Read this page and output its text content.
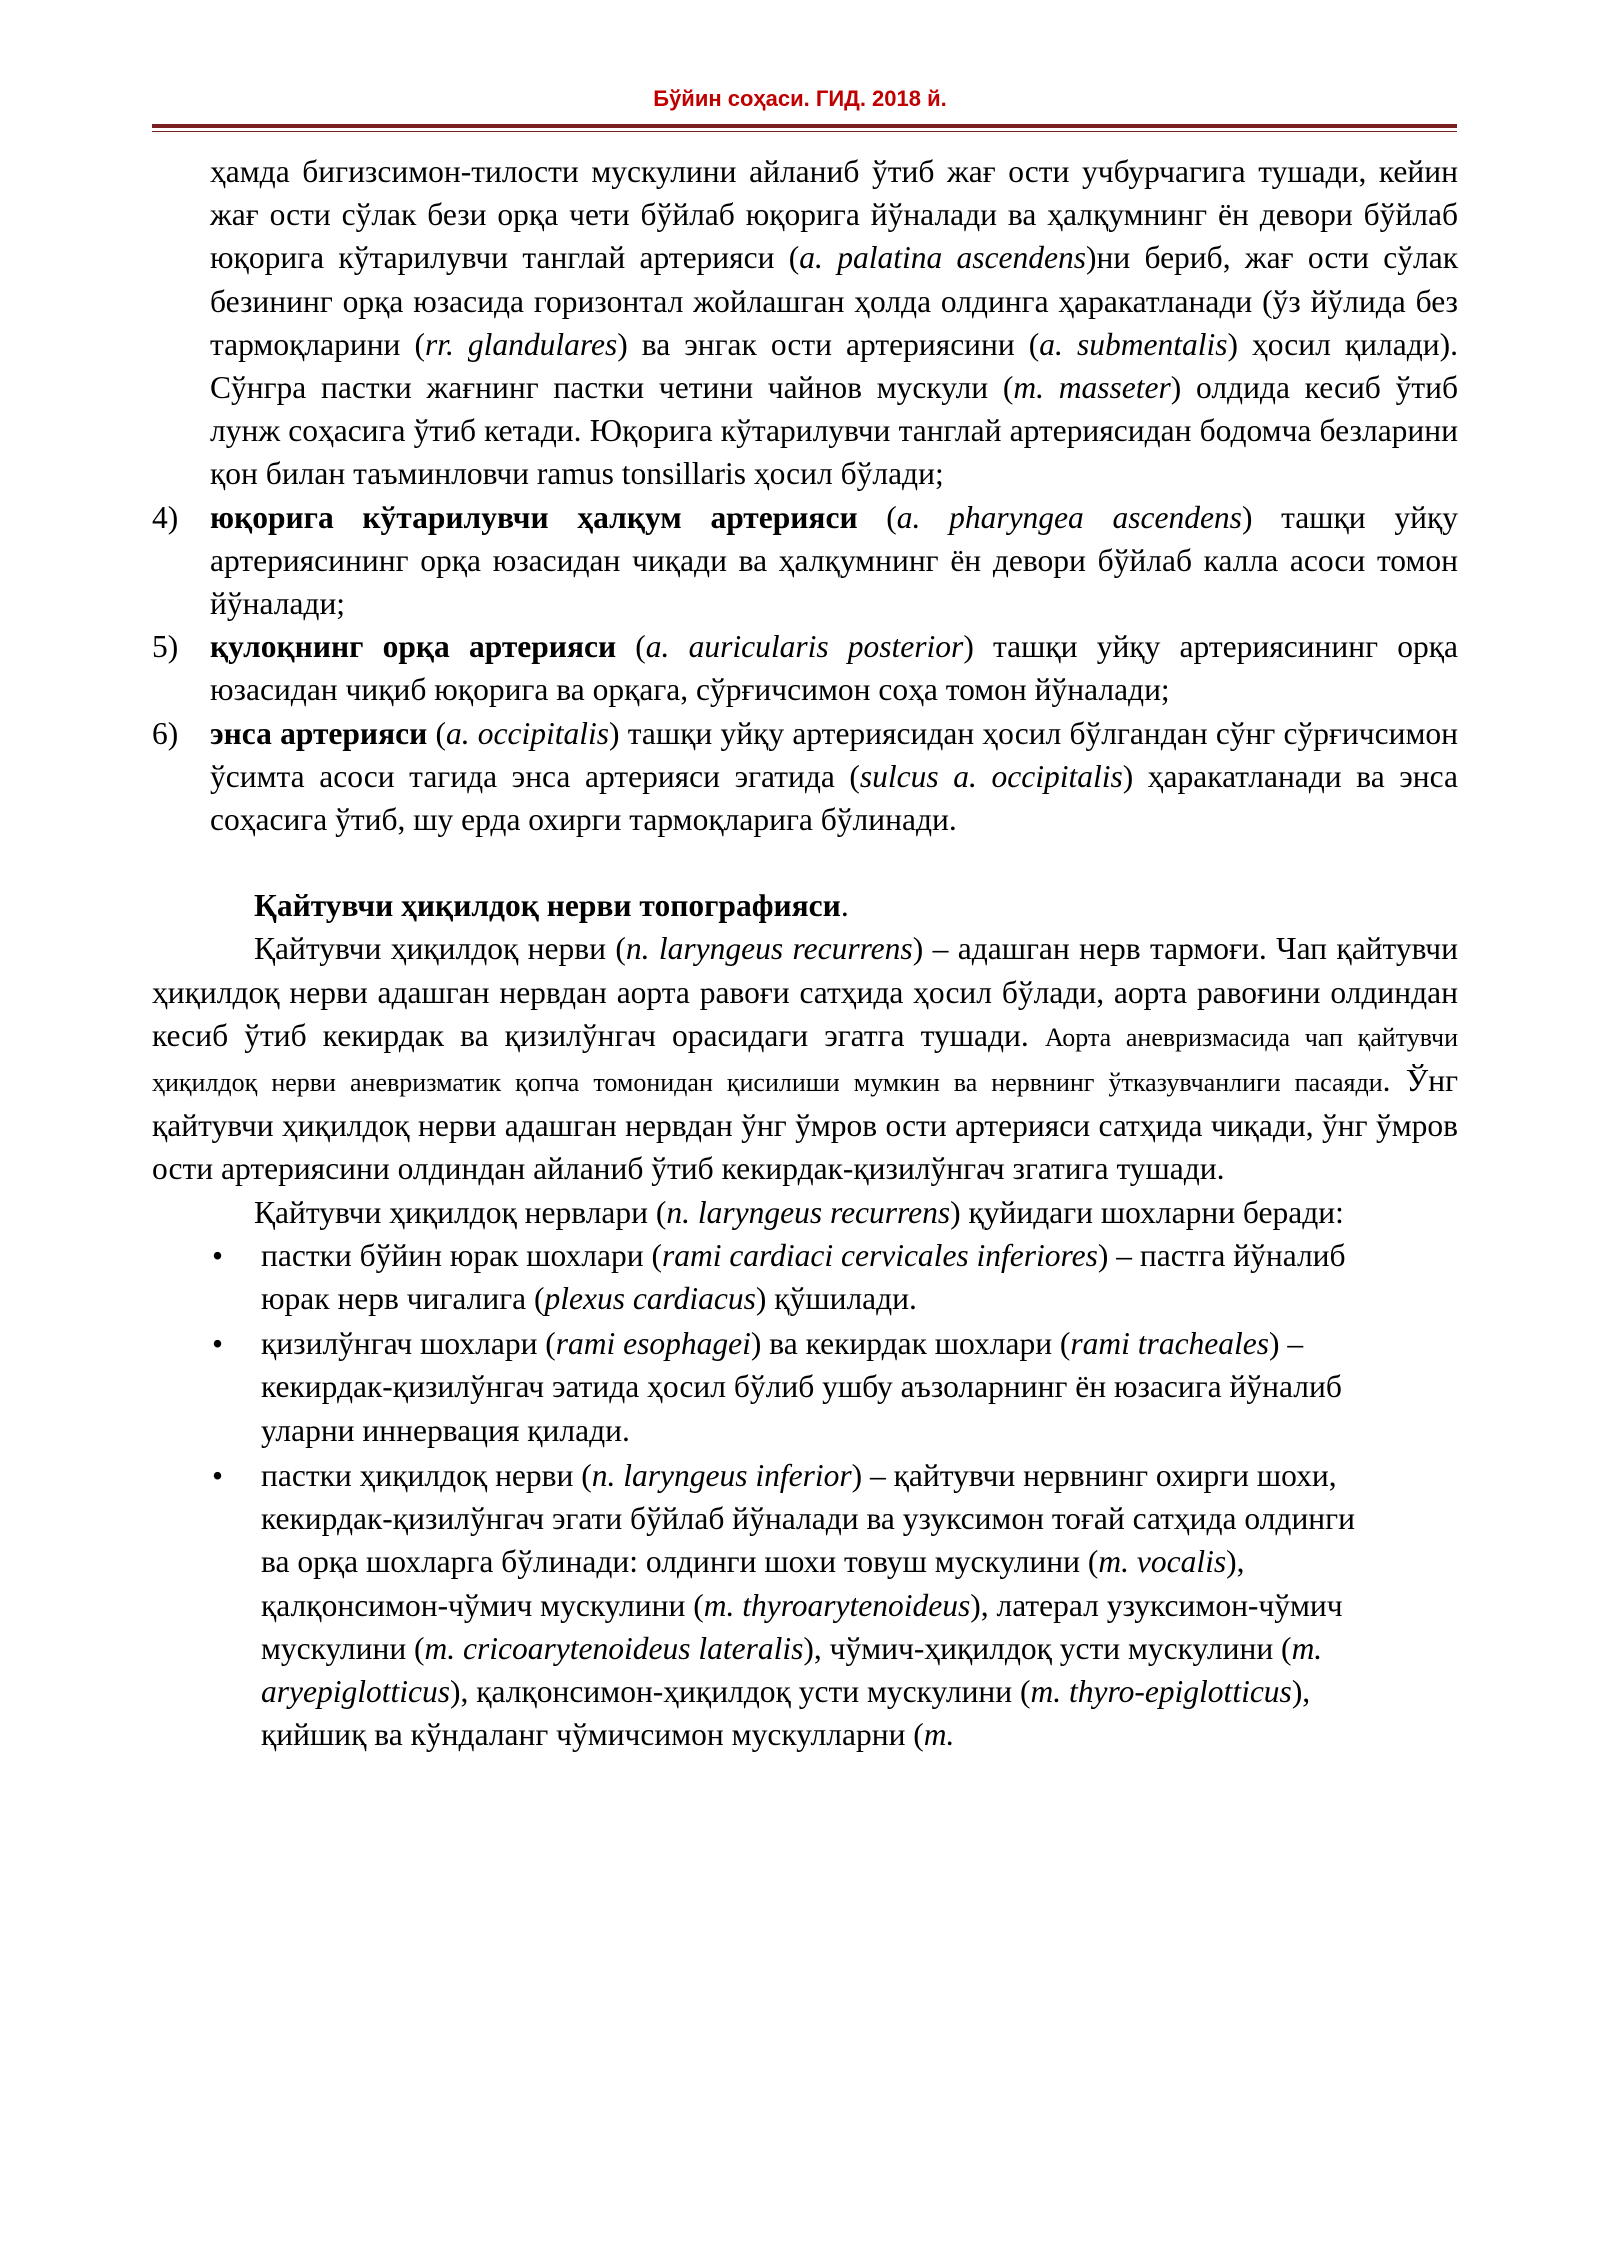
Бўйин соҳаси. ГИД. 2018 й.

ҳамда бигизсимон-тилости мускулини айланиб ўтиб жағ ости учбурчагига тушади, кейин жағ ости сўлак бези орқа чети бўйлаб юқорига йўналади ва ҳалқумнинг ён девори бўйлаб юқорига кўтарилувчи танглай артерияси (a. palatina ascendens)ни бериб, жағ ости сўлак безининг орқа юзасида горизонтал жойлашган ҳолда олдинга ҳаракатланади (ўз йўлида без тармоқларини (rr. glandulares) ва энгак ости артериясини (a. submentalis) ҳосил қилади). Сўнгра пастки жағнинг пастки четини чайнов мускули (m. masseter) олдида кесиб ўтиб лунж соҳасига ўтиб кетади. Юқорига кўтарилувчи танглай артериясидан бодомча безларини қон билан таъминловчи ramus tonsillaris ҳосил бўлади;

4) юқорига кўтарилувчи ҳалқум артерияси (a. pharyngea ascendens) ташқи уйқу артериясининг орқа юзасидан чиқади ва ҳалқумнинг ён девори бўйлаб калла асоси томон йўналади;

5) қулоқнинг орқа артерияси (a. auricularis posterior) ташқи уйқу артериясининг орқа юзасидан чиқиб юқорига ва орқага, сўрғичсимон соҳа томон йўналади;

6) энса артерияси (a. occipitalis) ташқи уйқу артериясидан ҳосил бўлгандан сўнг сўрғичсимон ўсимта асоси тагида энса артерияси эгатида (sulcus a. occipitalis) ҳаракатланади ва энса соҳасига ўтиб, шу ерда охирги тармоқларига бўлинади.

Қайтувчи ҳиқилдоқ нерви топографияси.

Қайтувчи ҳиқилдоқ нерви (n. laryngeus recurrens) – адашган нерв тармоғи. Чап қайтувчи ҳиқилдоқ нерви адашган нервдан аорта равоғи сатҳида ҳосил бўлади, аорта равоғини олдиндан кесиб ўтиб кекирдак ва қизилўнгач орасидаги эгатга тушади. Аорта аневризмасида чап қайтувчи ҳиқилдоқ нерви аневризматик қопча томонидан қисилиши мумкин ва нервнинг ўтказувчанлиги пасаяди. Ўнг қайтувчи ҳиқилдоқ нерви адашган нервдан ўнг ўмров ости артерияси сатҳида чиқади, ўнг ўмров ости артериясини олдиндан айланиб ўтиб кекирдак-қизилўнгач згатига тушади.

Қайтувчи ҳиқилдоқ нервлари (n. laryngeus recurrens) қуйидаги шохларни беради:

• пастки бўйин юрак шохлари (rami cardiaci cervicales inferiores) – пастга йўналиб юрак нерв чигалига (plexus cardiacus) қўшилади.

• қизилўнгач шохлари (rami esophagei) ва кекирдак шохлари (rami tracheales) – кекирдак-қизилўнгач эатида ҳосил бўлиб ушбу аъзоларнинг ён юзасига йўналиб уларни иннервация қилади.

• пастки ҳиқилдоқ нерви (n. laryngeus inferior) – қайтувчи нервнинг охирги шохи, кекирдак-қизилўнгач эгати бўйлаб йўналади ва узуксимон тоғай сатҳида олдинги ва орқа шохларга бўлинади: олдинги шохи товуш мускулини (m. vocalis), қалқонсимон-чўмич мускулини (m. thyroarytenoideus), латерал узуксимон-чўмич мускулини (m. cricoarytenoideus lateralis), чўмич-ҳиқилдоқ усти мускулини (m. aryepiglotticus), қалқонсимон-ҳиқилдоқ усти мускулини (m. thyro-epiglotticus), қийшиқ ва кўндаланг чўмичсимон мускулларни (m.
